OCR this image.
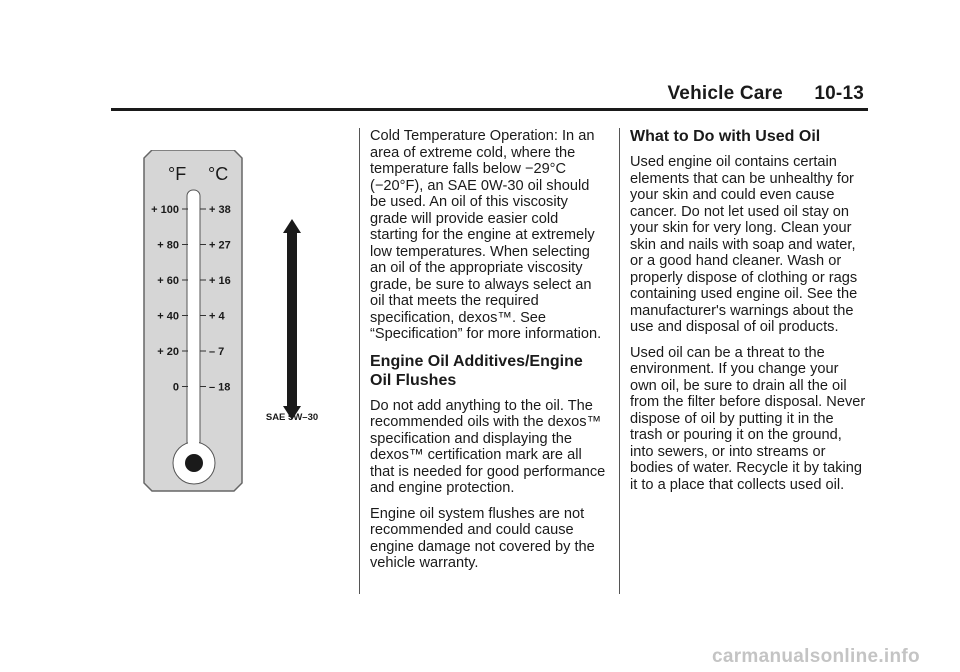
Vehicle Care 10-13
°F °C
+ 100	+ 38
+ 80	+ 27
+ 60	+ 16
+ 40	+ 4
+ 20	– 7
0	– 18
SAE 5W–30

Cold Temperature Operation: In an area of extreme cold, where the temperature falls below −29°C (−20°F), an SAE 0W-30 oil should be used. An oil of this viscosity grade will provide easier cold starting for the engine at extremely low temperatures. When selecting an oil of the appropriate viscosity grade, be sure to always select an oil that meets the required specification, dexos™. See “Specification” for more information.

Engine Oil Additives/Engine Oil Flushes

Do not add anything to the oil. The recommended oils with the dexos™ specification and displaying the dexos™ certification mark are all that is needed for good performance and engine protection.

Engine oil system flushes are not recommended and could cause engine damage not covered by the vehicle warranty.

What to Do with Used Oil

Used engine oil contains certain elements that can be unhealthy for your skin and could even cause cancer. Do not let used oil stay on your skin for very long. Clean your skin and nails with soap and water, or a good hand cleaner. Wash or properly dispose of clothing or rags containing used engine oil. See the manufacturer's warnings about the use and disposal of oil products.

Used oil can be a threat to the environment. If you change your own oil, be sure to drain all the oil from the filter before disposal. Never dispose of oil by putting it in the trash or pouring it on the ground, into sewers, or into streams or bodies of water. Recycle it by taking it to a place that collects used oil.

carmanualsonline.info
